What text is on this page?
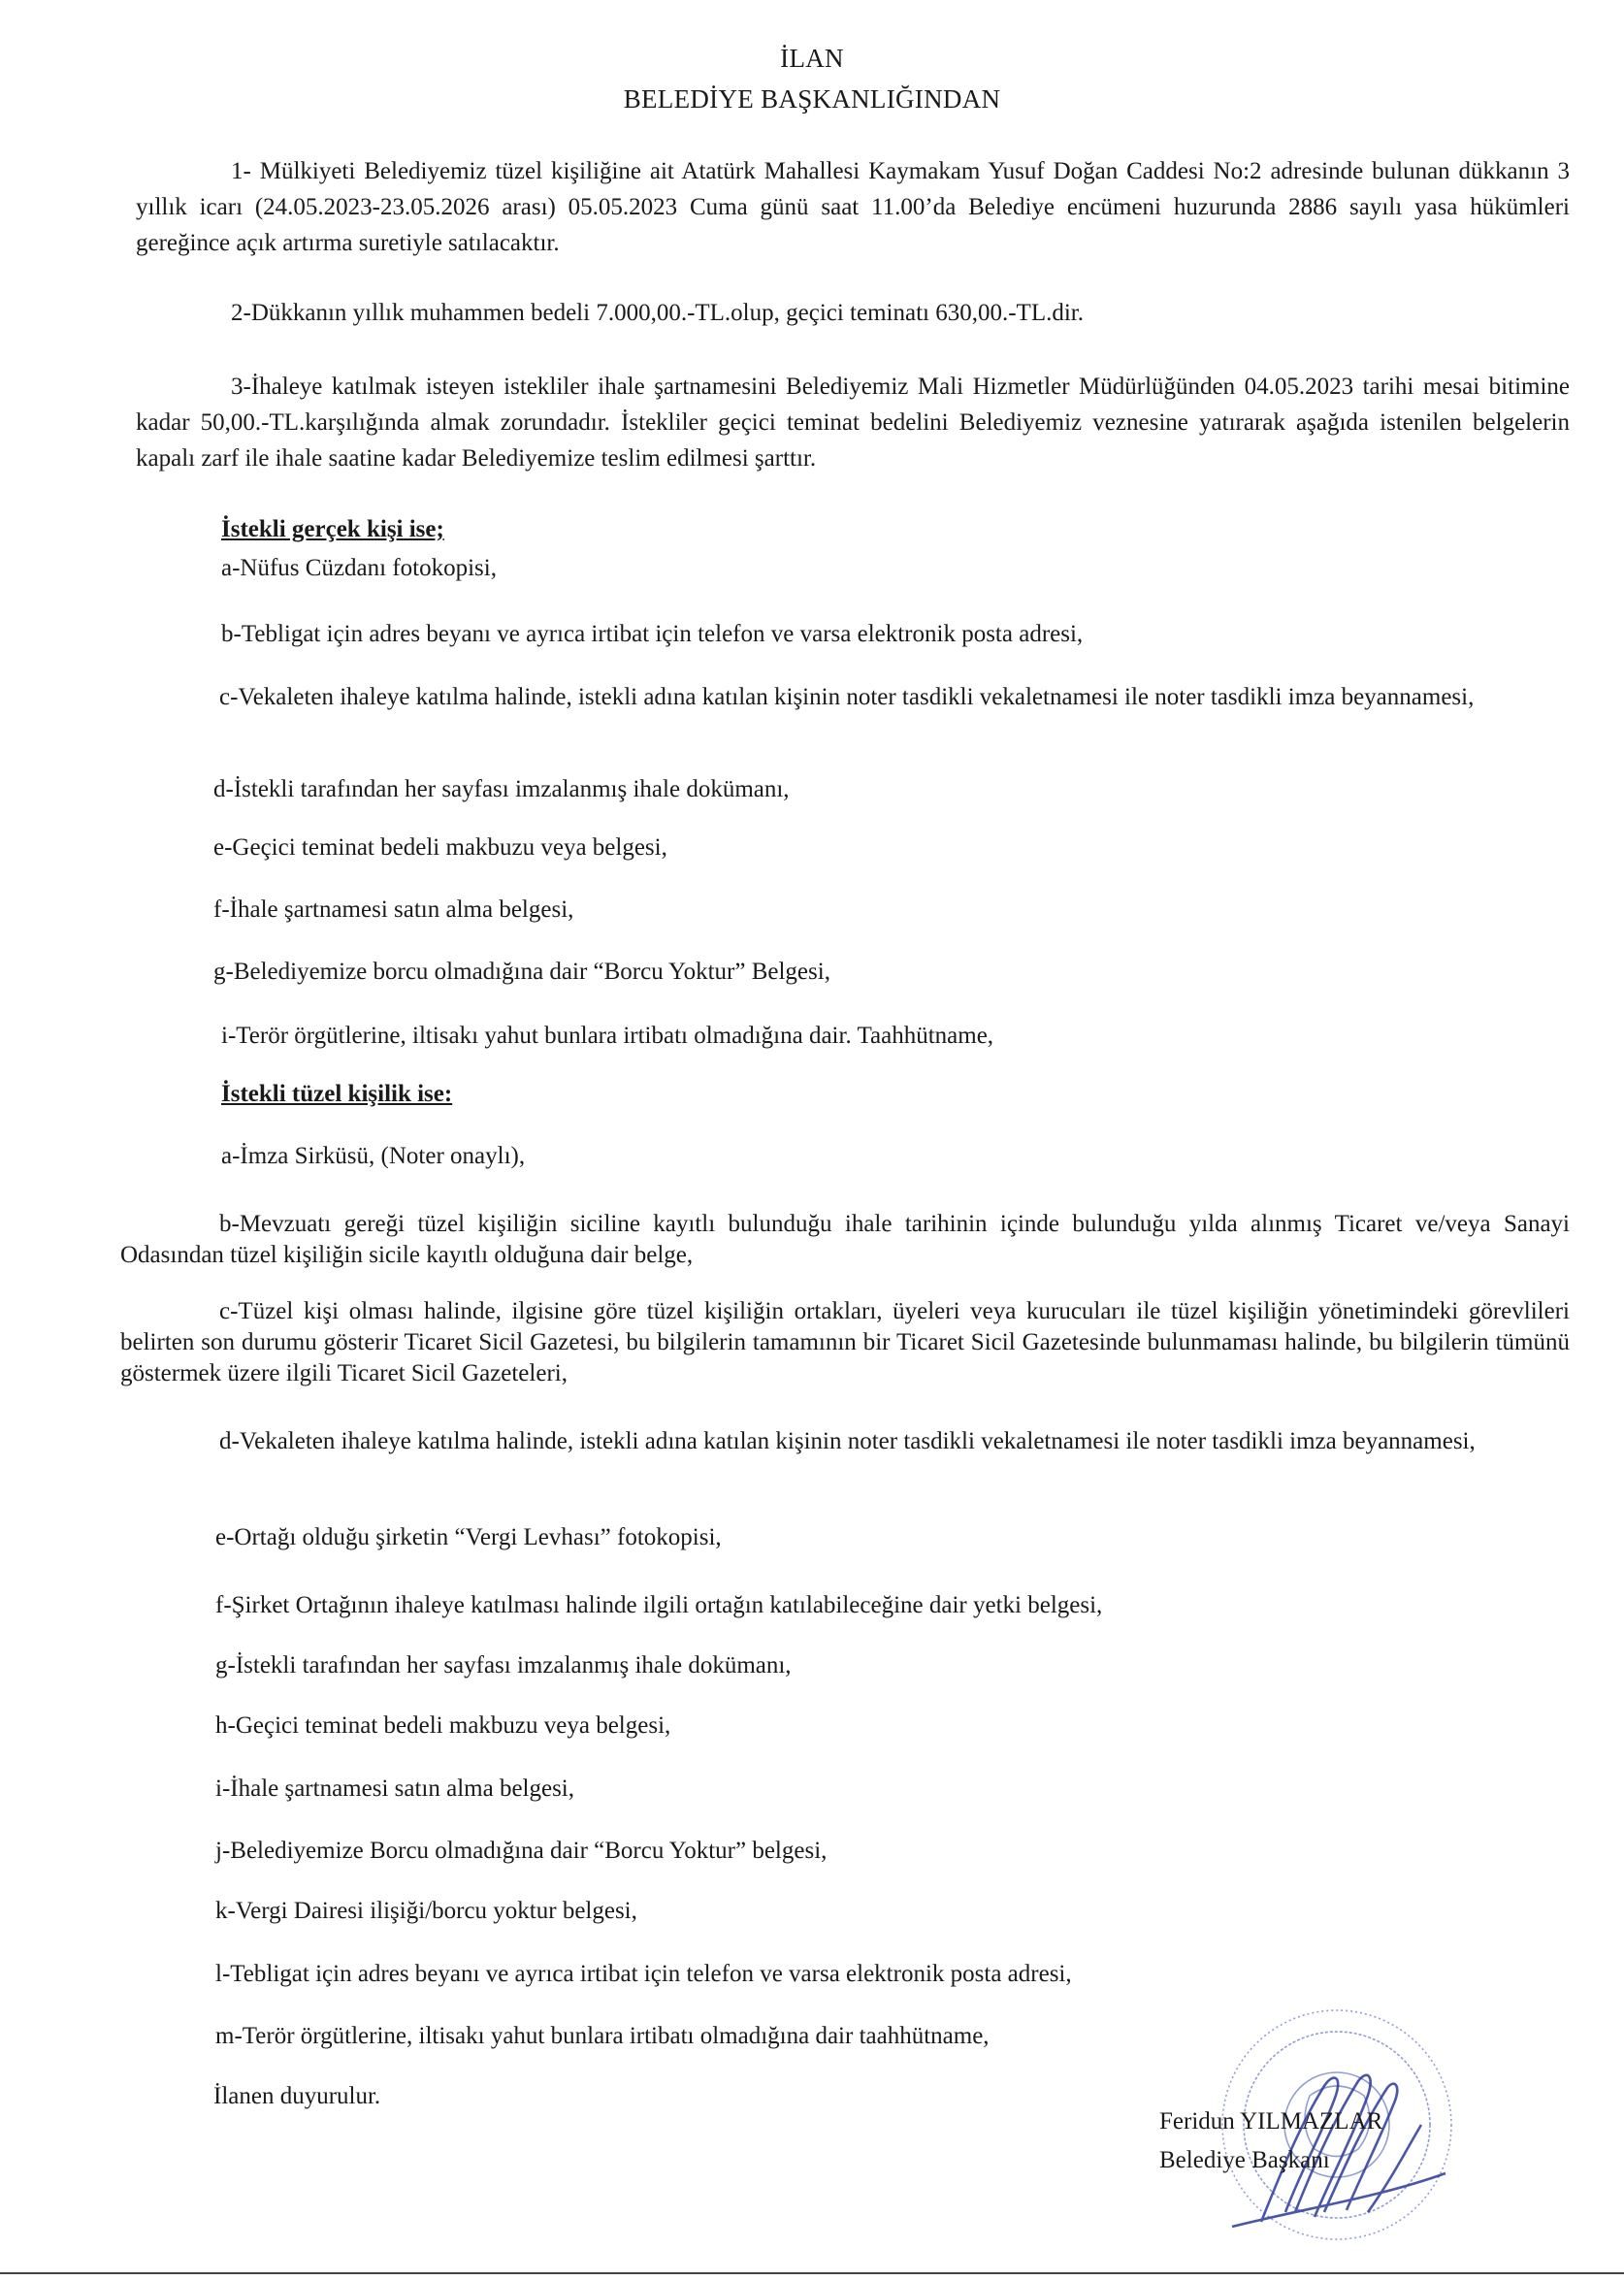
İLAN
BELEDİYE BAŞKANLIĞINDAN
1- Mülkiyeti Belediyemiz tüzel kişiliğine ait Atatürk Mahallesi Kaymakam Yusuf Doğan Caddesi No:2 adresinde bulunan dükkanın 3 yıllık icarı (24.05.2023-23.05.2026 arası) 05.05.2023 Cuma günü saat 11.00’da Belediye encümeni huzurunda 2886 sayılı yasa hükümleri gereğince açık artırma suretiyle satılacaktır.
2-Dükkanın yıllık muhammen bedeli 7.000,00.-TL.olup, geçici teminatı 630,00.-TL.dir.
3-İhaleye katılmak isteyen istekliler ihale şartnamesini Belediyemiz Mali Hizmetler Müdürlüğünden 04.05.2023 tarihi mesai bitimine kadar 50,00.-TL.karşılığında almak zorundadır. İstekliler geçici teminat bedelini Belediyemiz veznesine yatırarak aşağıda istenilen belgelerin kapalı zarf ile ihale saatine kadar Belediyemize teslim edilmesi şarttır.
İstekli gerçek kişi ise;
a-Nüfus Cüzdanı fotokopisi,
b-Tebligat için adres beyanı ve ayrıca irtibat için telefon ve varsa elektronik posta adresi,
c-Vekaleten ihaleye katılma halinde, istekli adına katılan kişinin noter tasdikli vekaletnamesi ile noter tasdikli imza beyannamesi,
d-İstekli tarafından her sayfası imzalanmış ihale dokümanı,
e-Geçici teminat bedeli makbuzu veya belgesi,
f-İhale şartnamesi satın alma belgesi,
g-Belediyemize borcu olmadığına dair “Borcu Yoktur” Belgesi,
i-Terör örgütlerine, iltisakı yahut bunlara irtibatı olmadığına dair. Taahhütname,
İstekli tüzel kişilik ise:
a-İmza Sirküsü, (Noter onaylı),
b-Mevzuatı gereği tüzel kişiliğin siciline kayıtlı bulunduğu ihale tarihinin içinde bulunduğu yılda alınmış Ticaret ve/veya Sanayi Odasından tüzel kişiliğin sicile kayıtlı olduğuna dair belge,
c-Tüzel kişi olması halinde, ilgisine göre tüzel kişiliğin ortakları, üyeleri veya kurucuları ile tüzel kişiliğin yönetimindeki görevlileri belirten son durumu gösterir Ticaret Sicil Gazetesi, bu bilgilerin tamamının bir Ticaret Sicil Gazetesinde bulunmaması halinde, bu bilgilerin tümünü göstermek üzere ilgili Ticaret Sicil Gazeteleri,
d-Vekaleten ihaleye katılma halinde, istekli adına katılan kişinin noter tasdikli vekaletnamesi ile noter tasdikli imza beyannamesi,
e-Ortağı olduğu şirketin “Vergi Levhası” fotokopisi,
f-Şirket Ortağının ihaleye katılması halinde ilgili ortağın katılabileceğine dair yetki belgesi,
g-İstekli tarafından her sayfası imzalanmış ihale dokümanı,
h-Geçici teminat bedeli makbuzu veya belgesi,
i-İhale şartnamesi satın alma belgesi,
j-Belediyemize Borcu olmadığına dair “Borcu Yoktur” belgesi,
k-Vergi Dairesi ilişiği/borcu yoktur belgesi,
l-Tebligat için adres beyanı ve ayrıca irtibat için telefon ve varsa elektronik posta adresi,
m-Terör örgütlerine, iltisakı yahut bunlara irtibatı olmadığına dair taahhütname,
İlanen duyurulur.
Feridun YILMAZLAR
Belediye Başkanı
